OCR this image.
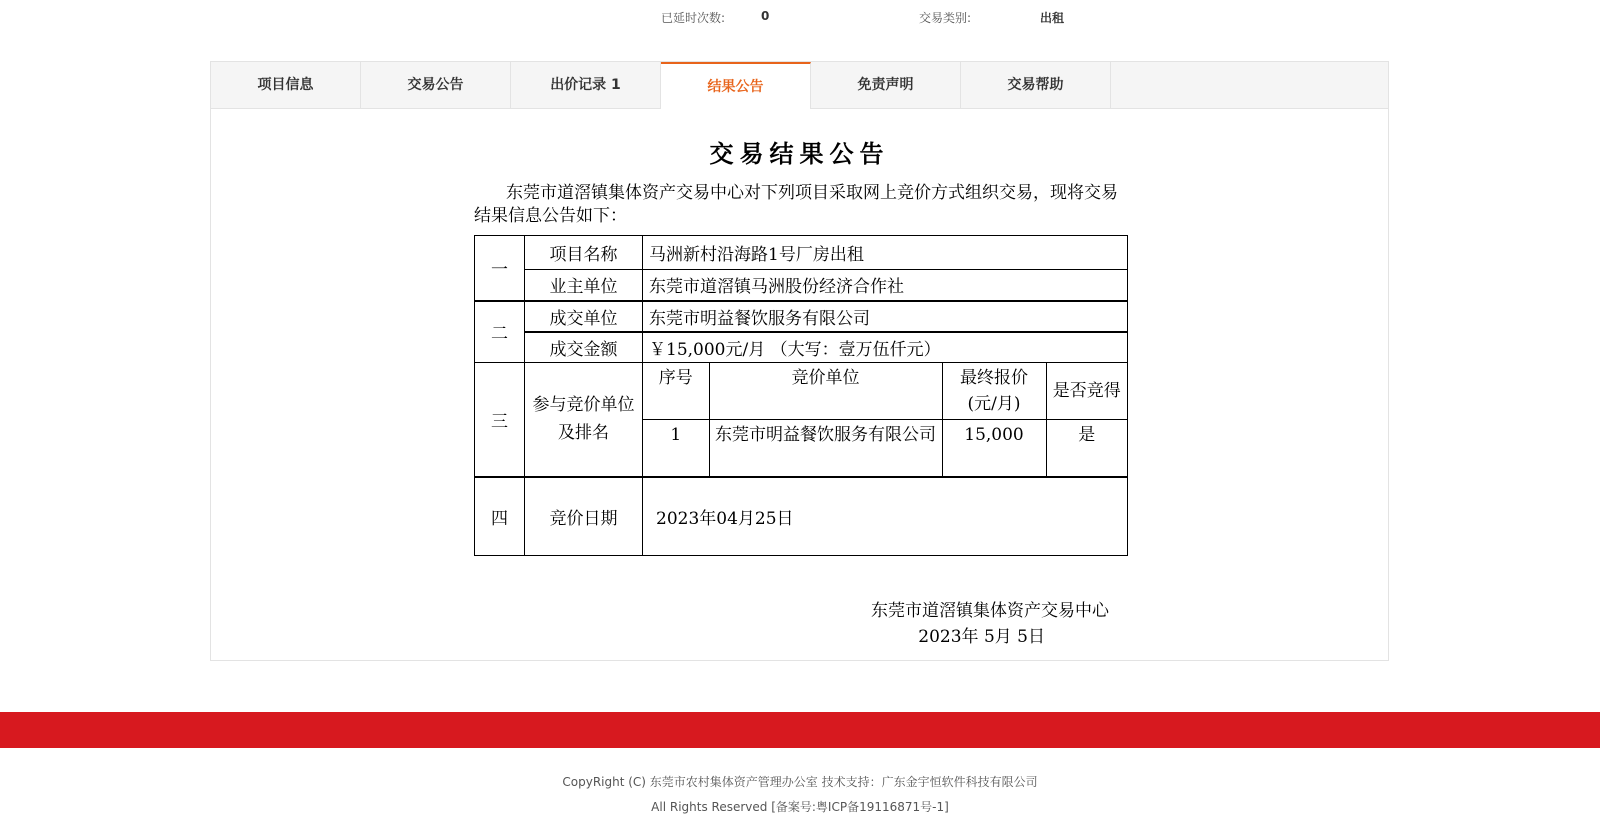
已延时次数:	0	交易类别:	出租
项目信息	交易公告	出价记录 1	结果公告	免责声明	交易帮助
交易结果公告
东莞市道滘镇集体资产交易中心对下列项目采取网上竞价方式组织交易，现将交易结果信息公告如下：
一	项目名称	马洲新村沿海路1号厂房出租
业主单位	东莞市道滘镇马洲股份经济合作社
二	成交单位	东莞市明益餐饮服务有限公司
成交金额	￥15,000元/月 （大写：壹万伍仟元）
三	参与竞价单位及排名	
序号	竞价单位	最终报价(元/月)	是否竞得
1	东莞市明益餐饮服务有限公司	15,000	是

四	竞价日期	2023年04月25日
东莞市道滘镇集体资产交易中心
2023年 5月 5日
CopyRight (C) 东莞市农村集体资产管理办公室 技术支持：广东金宇恒软件科技有限公司
All Rights Reserved [备案号:粤ICP备19116871号-1]
